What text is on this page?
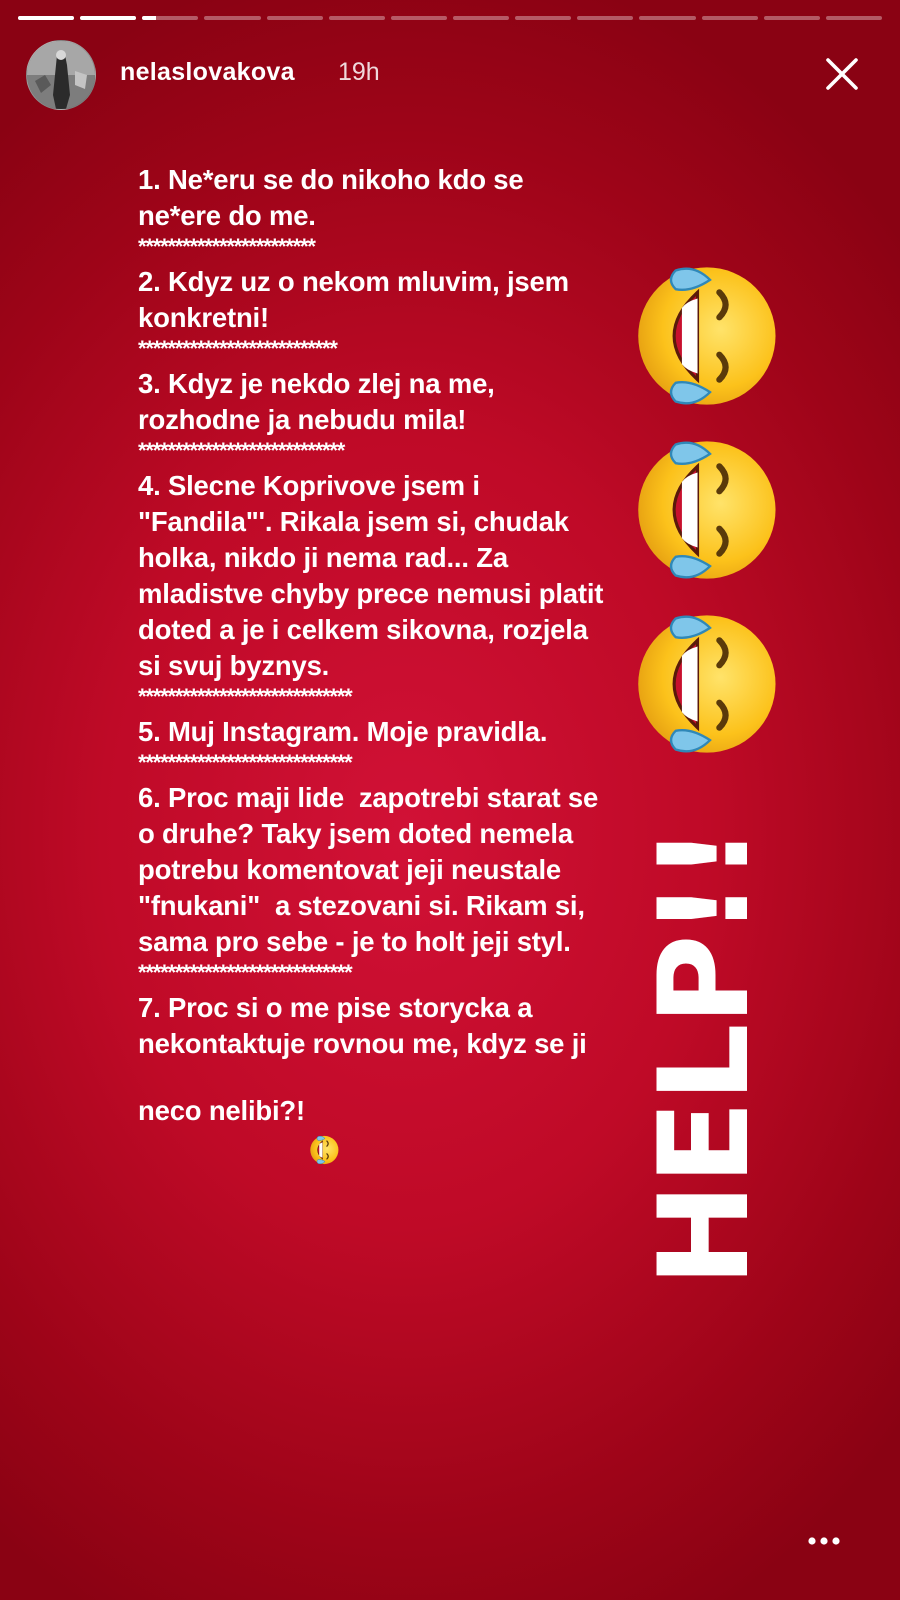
nelaslovakova 19h
1. Ne*eru se do nikoho kdo se ne*ere do me.
************************
2. Kdyz uz o nekom mluvim, jsem konkretni!
***************************
3. Kdyz je nekdo zlej na me, rozhodne ja nebudu mila!
****************************
4. Slecne Koprivove jsem i "Fandila"'. Rikala jsem si, chudak holka, nikdo ji nema rad... Za mladistve chyby prece nemusi platit doted a je i celkem sikovna, rozjela si svuj byznys.
*****************************
5. Muj Instagram. Moje pravidla.
*****************************
6. Proc maji lide  zapotrebi starat se o druhe? Taky jsem doted nemela potrebu komentovat jeji neustale "fnukani"  a stezovani si. Rikam si, sama pro sebe - je to holt jeji styl.
*****************************
7. Proc si o me pise storycka a nekontaktuje rovnou me, kdyz se ji neco nelibi?!
	HELP!!
